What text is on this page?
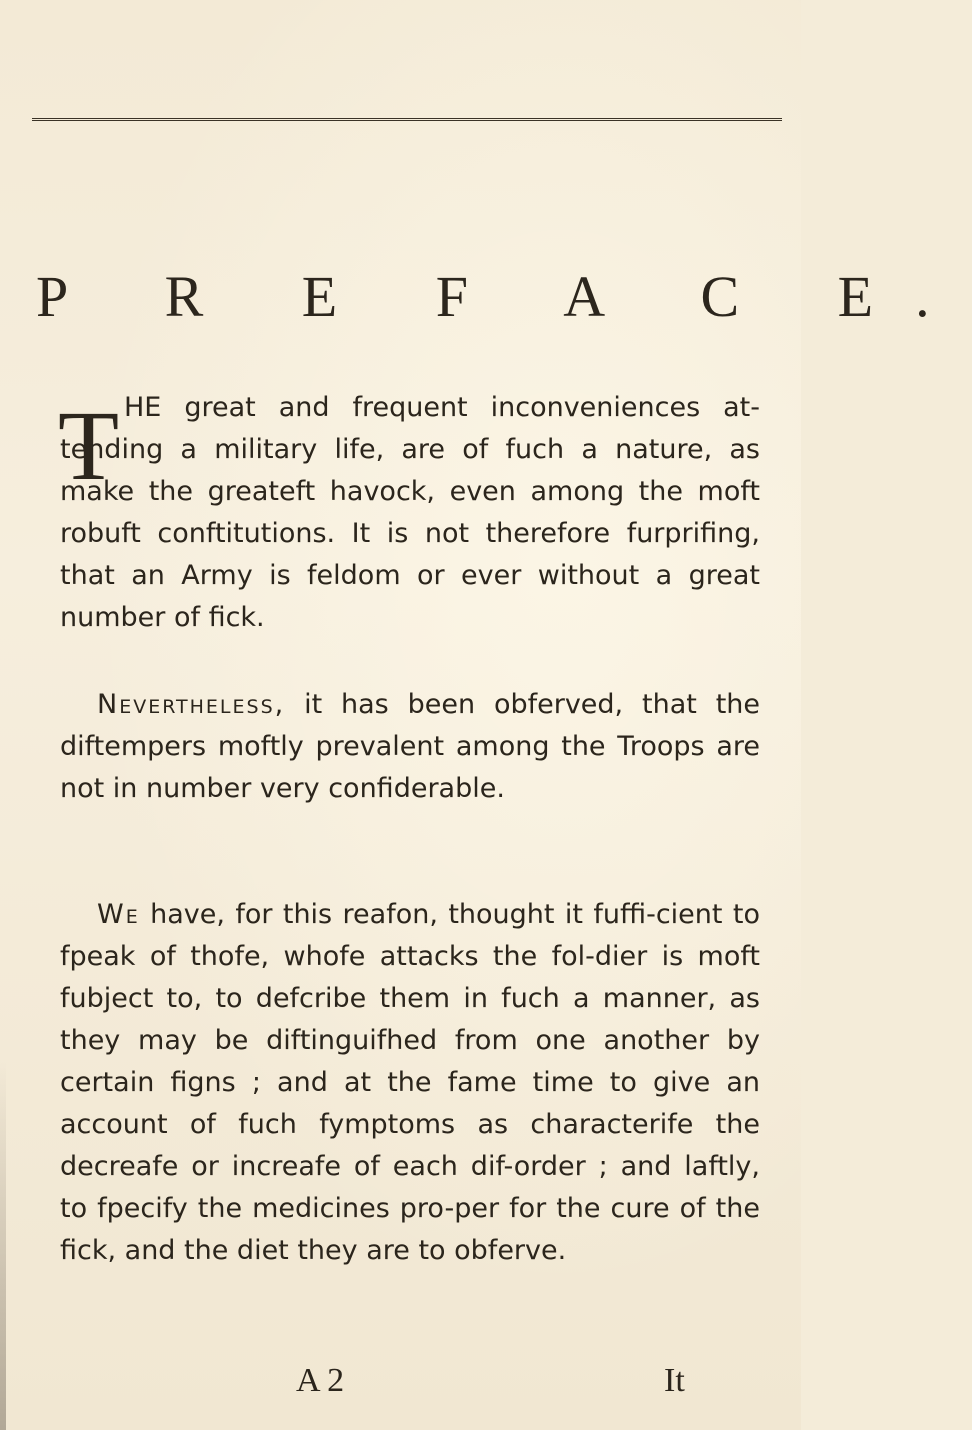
P R E F A C E.
T HE great and frequent inconveniences at-tending a military life, are of fuch a nature, as make the greateft havock, even among the moft robuft conftitutions. It is not therefore furprifing, that an Army is feldom or ever without a great number of fick.

Nevertheless, it has been obferved, that the diftempers moftly prevalent among the Troops are not in number very confiderable.

We have, for this reafon, thought it fuffi-cient to fpeak of thofe, whofe attacks the fol-dier is moft fubject to, to defcribe them in fuch a manner, as they may be diftinguifhed from one another by certain figns ; and at the fame time to give an account of fuch fymptoms as characterife the decreafe or increafe of each dif-order ; and laftly, to fpecify the medicines pro-per for the cure of the fick, and the diet they are to obferve.

A 2	It
